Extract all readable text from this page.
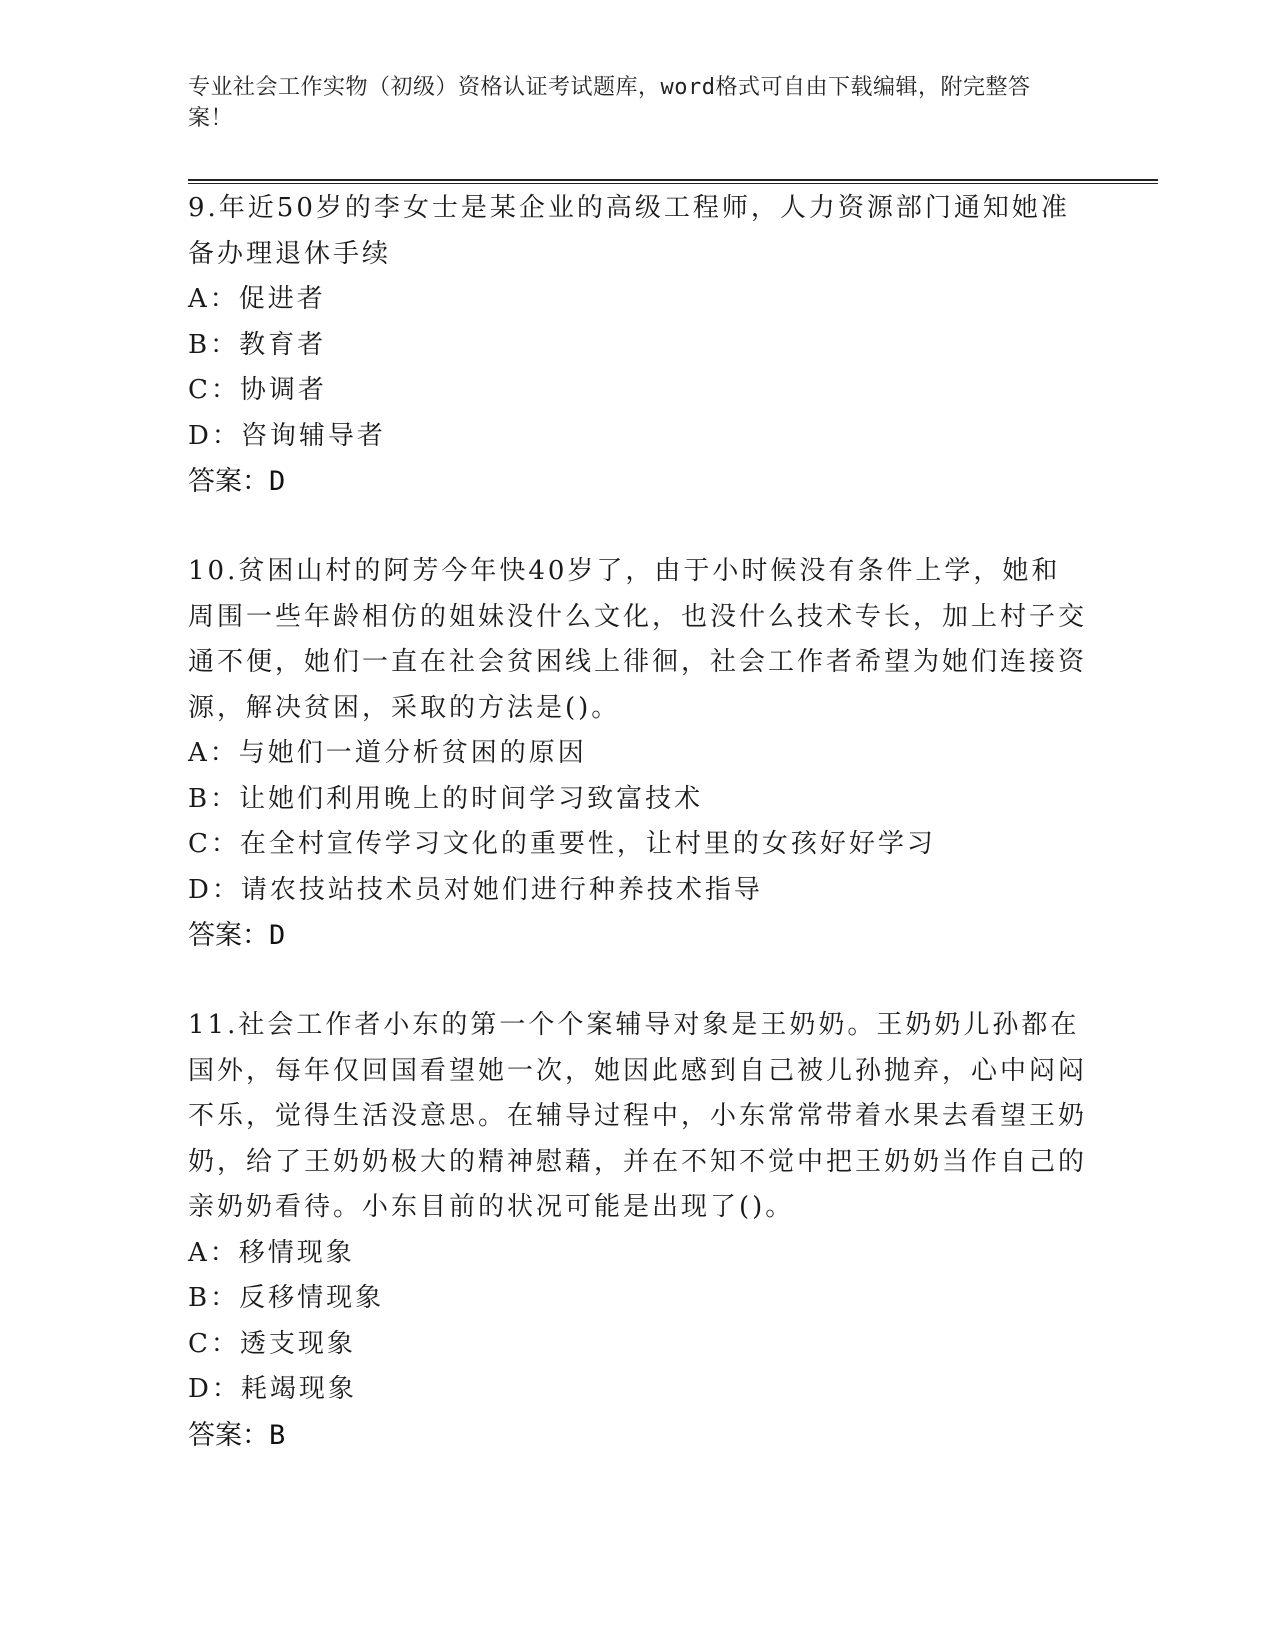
专业社会工作实物（初级）资格认证考试题库，word格式可自由下载编辑，附完整答案！

9.年近50岁的李女士是某企业的高级工程师，人力资源部门通知她准备办理退休手续

A：促进者

B：教育者

C：协调者

D：咨询辅导者

答案：D

10.贫困山村的阿芳今年快40岁了，由于小时候没有条件上学，她和周围一些年龄相仿的姐妹没什么文化，也没什么技术专长，加上村子交通不便，她们一直在社会贫困线上徘徊，社会工作者希望为她们连接资源，解决贫困，采取的方法是()。

A：与她们一道分析贫困的原因

B：让她们利用晚上的时间学习致富技术

C：在全村宣传学习文化的重要性，让村里的女孩好好学习

D：请农技站技术员对她们进行种养技术指导

答案：D

11.社会工作者小东的第一个个案辅导对象是王奶奶。王奶奶儿孙都在国外，每年仅回国看望她一次，她因此感到自己被儿孙抛弃，心中闷闷不乐，觉得生活没意思。在辅导过程中，小东常常带着水果去看望王奶奶，给了王奶奶极大的精神慰藉，并在不知不觉中把王奶奶当作自己的亲奶奶看待。小东目前的状况可能是出现了()。

A：移情现象

B：反移情现象

C：透支现象

D：耗竭现象

答案：B
